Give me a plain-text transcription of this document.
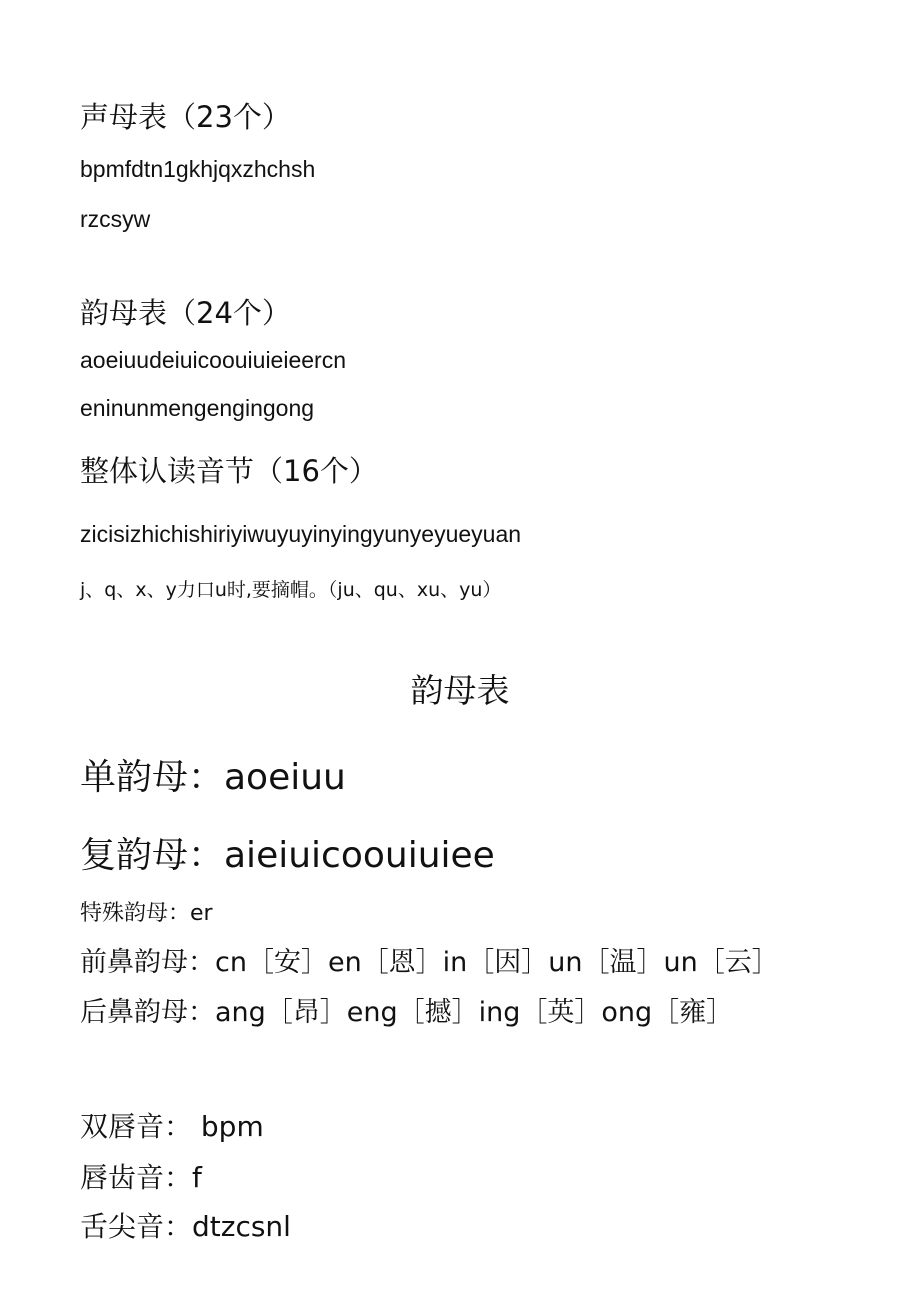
声母表（23个）
bpmfdtn1gkhjqxzhchsh
rzcsyw
韵母表（24个）
aoeiuudeiuicoouiuieieercn
eninunmengengingong
整体认读音节（16个）
zicisizhichishiriyiwuyuyinyingyunyeyueyuan
j、q、x、y力口u时,要摘帽。（ju、qu、xu、yu）
韵母表
单韵母：aoeiuu
复韵母：aieiuicoouiuiee
特殊韵母：er
前鼻韵母：cn［安］en［恩］in［因］un［温］un［云］
后鼻韵母：ang［昂］eng［撼］ing［英］ong［雍］
双唇音： bpm
唇齿音：f
舌尖音：dtzcsnl
